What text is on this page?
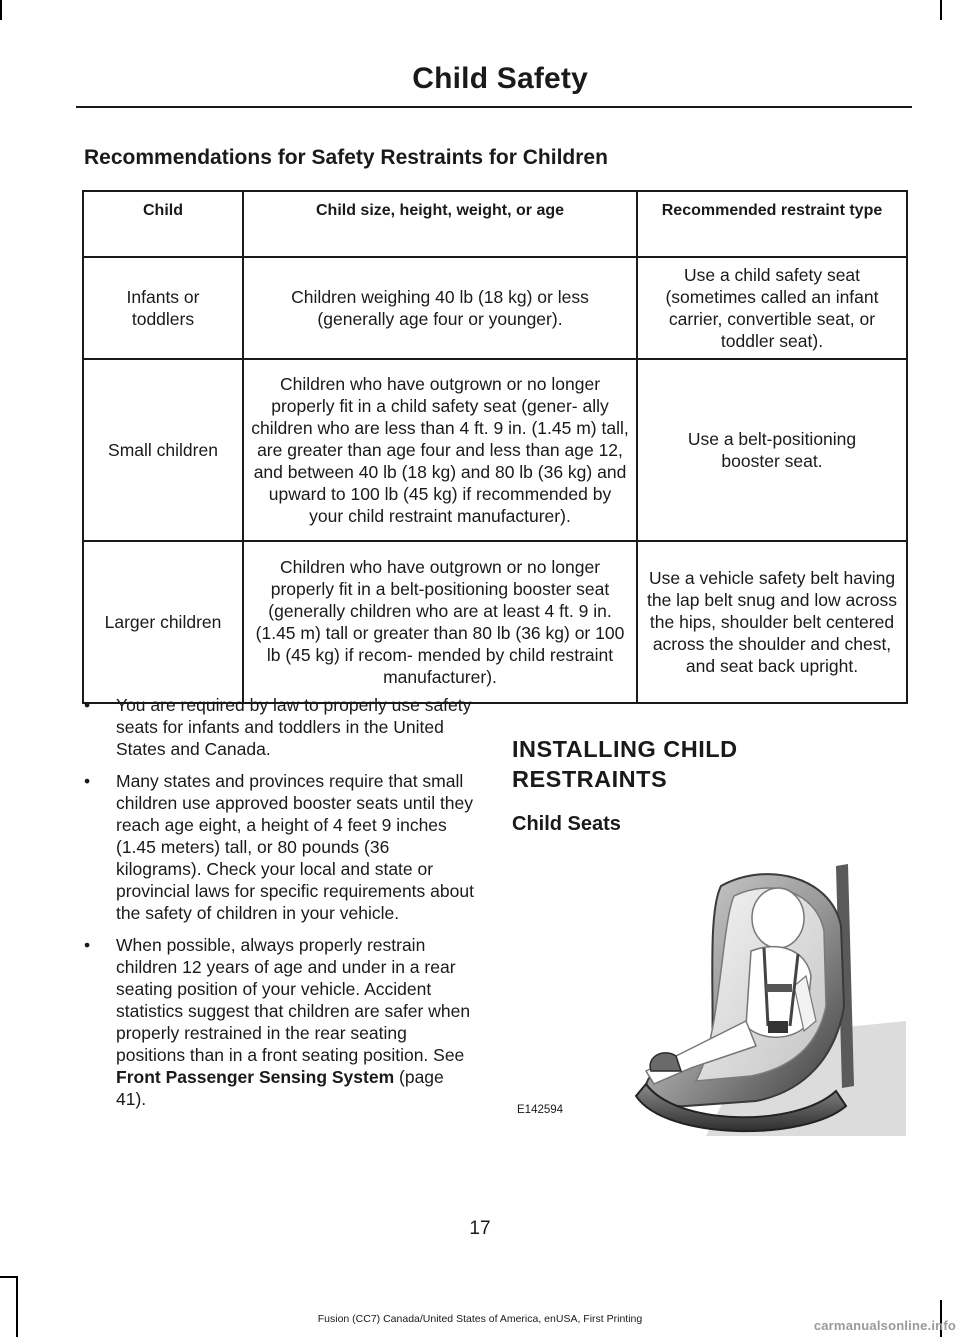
Child Safety
Recommendations for Safety Restraints for Children
Child	Child size, height, weight, or age	Recommended restraint type
Infants or toddlers	Children weighing 40 lb (18 kg) or less (generally age four or younger).	Use a child safety seat (sometimes called an infant carrier, convertible seat, or toddler seat).
Small children	Children who have outgrown or no longer properly fit in a child safety seat (gener- ally children who are less than 4 ft. 9 in. (1.45 m) tall, are greater than age four and less than age 12, and between 40 lb (18 kg) and 80 lb (36 kg) and upward to 100 lb (45 kg) if recommended by your child restraint manufacturer).	Use a belt-positioning booster seat.
Larger children	Children who have outgrown or no longer properly fit in a belt-positioning booster seat (generally children who are at least 4 ft. 9 in. (1.45 m) tall or greater than 80 lb (36 kg) or 100 lb (45 kg) if recom- mended by child restraint manufacturer).	Use a vehicle safety belt having the lap belt snug and low across the hips, shoulder belt centered across the shoulder and chest, and seat back upright.
• You are required by law to properly use safety seats for infants and toddlers in the United States and Canada.
• Many states and provinces require that small children use approved booster seats until they reach age eight, a height of 4 feet 9 inches (1.45 meters) tall, or 80 pounds (36 kilograms). Check your local and state or provincial laws for specific requirements about the safety of children in your vehicle.
• When possible, always properly restrain children 12 years of age and under in a rear seating position of your vehicle. Accident statistics suggest that children are safer when properly restrained in the rear seating positions than in a front seating position. See Front Passenger Sensing System (page 41).
INSTALLING CHILD RESTRAINTS
Child Seats
E142594
17
Fusion (CC7) Canada/United States of America, enUSA, First Printing	carmanualsonline.info
